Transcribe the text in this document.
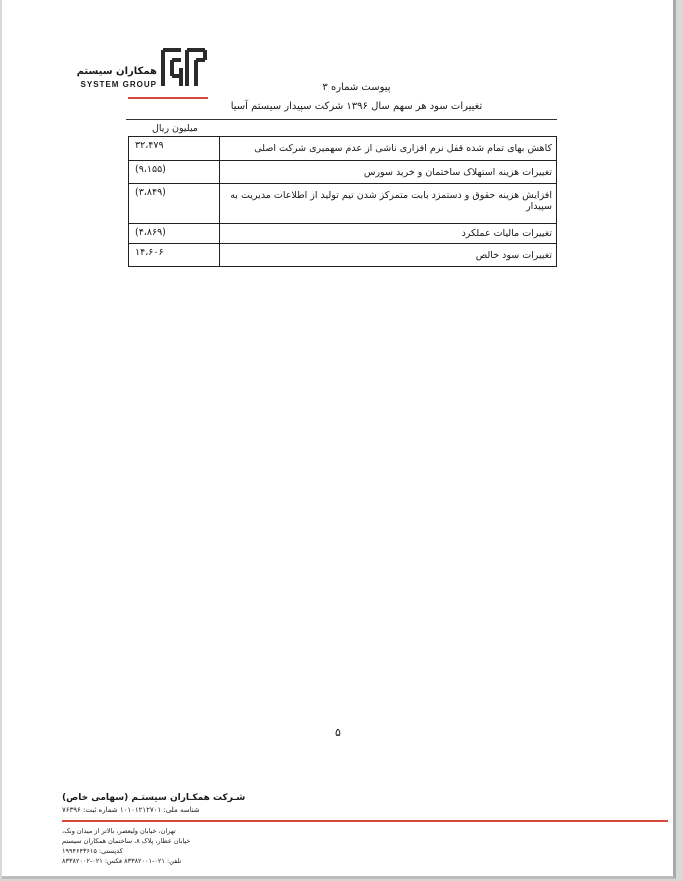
همکاران سیستم
SYSTEM GROUP	پیوست شماره ۳
تغییرات سود هر سهم سال ۱۳۹۶ شرکت سپیدار سیستم آسیا
میلیون ریال
کاهش بهای تمام شده قفل نرم افزاری ناشی از عدم سهمیری شرکت اصلی	۳۲،۴۷۹
تغییرات هزینه استهلاک ساختمان و خرید سورس	(۹،۱۵۵)
افزایش هزینه حقوق و دستمزد بابت متمرکز شدن تیم تولید از اطلاعات مدیریت به سپیدار	(۳،۸۴۹)
تغییرات مالیات عملکرد	(۴،۸۶۹)
تغییرات سود خالص	۱۴،۶۰۶
۵
شـرکت همکـاران سیستـم (سهامی خاص)
شناسه ملی: ۱۰۱۰۱۲۱۲۷۰۱ شماره ثبت: ۷۶۳۹۶
تهران، خیابان ولیعصر، بالاتر از میدان ونک،
خیابان عطار، پلاک ۸، ساختمان همکاران سیستم
کدپستی: ۱۹۹۴۶۴۳۶۱۵
تلفن: ۰۲۱-۸۳۳۸۲۰۰۱ فکس: ۰۲۱-۸۳۳۸۲۰۰۲
